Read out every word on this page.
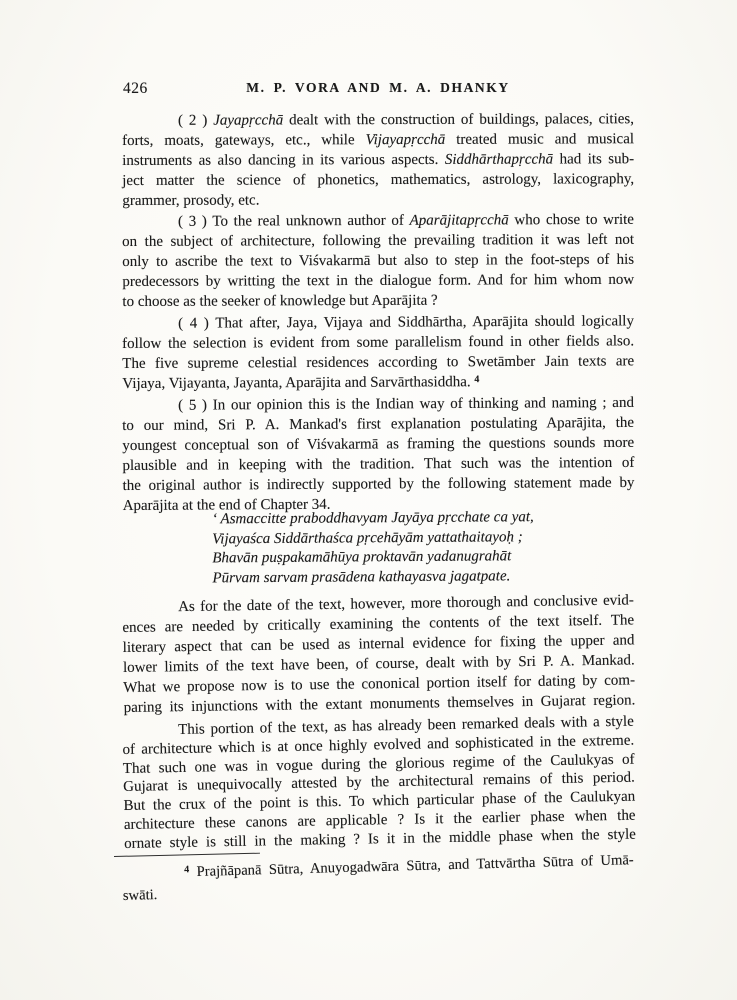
426	M. P. VORA AND M. A. DHANKY
( 2 ) Jayapṛcchā dealt with the construction of buildings, palaces, cities,
forts, moats, gateways, etc., while Vijayapṛcchā treated music and musical
instruments as also dancing in its various aspects. Siddhārthapṛcchā had its sub-
ject matter the science of phonetics, mathematics, astrology, laxicography,
grammer, prosody, etc.
( 3 ) To the real unknown author of Aparājitapṛcchā who chose to write
on the subject of architecture, following the prevailing tradition it was left not
only to ascribe the text to Viśvakarmā but also to step in the foot-steps of his
predecessors by writting the text in the dialogue form. And for him whom now
to choose as the seeker of knowledge but Aparājita ?
( 4 ) That after, Jaya, Vijaya and Siddhārtha, Aparājita should logically
follow the selection is evident from some parallelism found in other fields also.
The five supreme celestial residences according to Swetāmber Jain texts are
Vijaya, Vijayanta, Jayanta, Aparājita and Sarvārthasiddha. $^4$
( 5 ) In our opinion this is the Indian way of thinking and naming ; and
to our mind, Sri P. A. Mankad's first explanation postulating Aparājita, the
youngest conceptual son of Viśvakarmā as framing the questions sounds more
plausible and in keeping with the tradition. That such was the intention of
the original author is indirectly supported by the following statement made by
Aparājita at the end of Chapter 34.
‘ Asmaccitte praboddhavyam Jayāya pṛcchate ca yat,
Vijayaśca Siddārthaśca pṛcehāyām yattathaitayoḥ ;
Bhavān puṣpakamāhūya proktavān yadanugrahāt
Pūrvam sarvam prasādena kathayasva jagatpate.
As for the date of the text, however, more thorough and conclusive evid-
ences are needed by critically examining the contents of the text itself. The
literary aspect that can be used as internal evidence for fixing the upper and
lower limits of the text have been, of course, dealt with by Sri P. A. Mankad.
What we propose now is to use the cononical portion itself for dating by com-
paring its injunctions with the extant monuments themselves in Gujarat region.
This portion of the text, as has already been remarked deals with a style
of architecture which is at once highly evolved and sophisticated in the extreme.
That such one was in vogue during the glorious regime of the Caulukyas of
Gujarat is unequivocally attested by the architectural remains of this period.
But the crux of the point is this. To which particular phase of the Caulukyan
architecture these canons are applicable ? Is it the earlier phase when the
ornate style is still in the making ? Is it in the middle phase when the style
$^4$ Prajñāpanā Sūtra, Anuyogadwāra Sūtra, and Tattvārtha Sūtra of Umā-
swāti.
